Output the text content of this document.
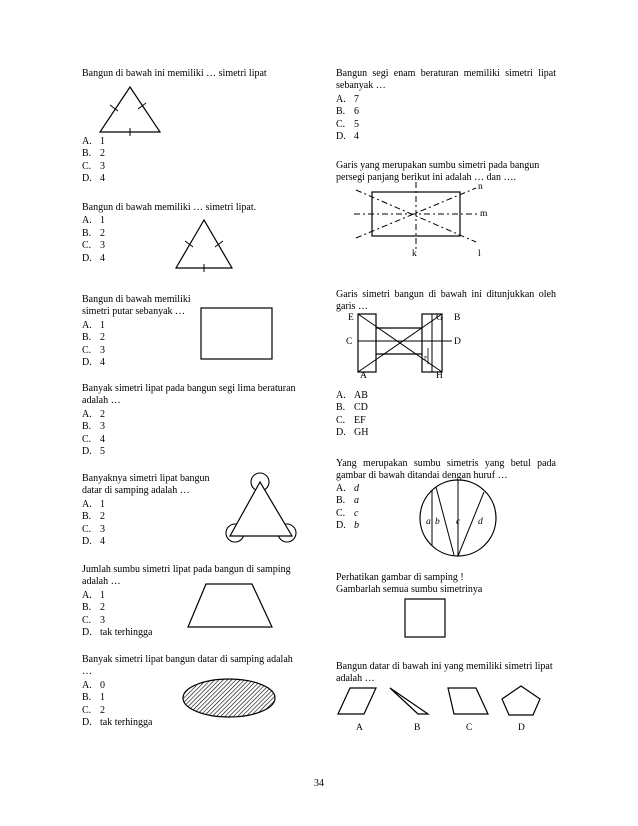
Bangun di bawah ini memiliki … simetri lipat
A. 1
B. 2
C. 3
D. 4
Bangun di bawah memiliki … simetri lipat.
A. 1
B. 2
C. 3
D. 4
Bangun di bawah memiliki
simetri putar sebanyak …
A. 1
B. 2
C. 3
D. 4
Banyak simetri lipat pada bangun segi lima beraturan
adalah …
A. 2
B. 3
C. 4
D. 5
Banyaknya simetri lipat bangun
datar di samping adalah …
A. 1
B. 2
C. 3
D. 4
Jumlah sumbu simetri lipat pada bangun di samping
adalah …
A. 1
B. 2
C. 3
D. tak terhingga
Banyak simetri lipat bangun datar di samping adalah
…
A. 0
B. 1
C. 2
D. tak terhingga
Bangun segi enam beraturan memiliki simetri lipat
sebanyak …
A. 7
B. 6
C. 5
D. 4
Garis yang merupakan sumbu simetri pada bangun
persegi panjang berikut ini adalah … dan ….
n
m
k	l
Garis simetri bangun di bawah ini ditunjukkan oleh
garis …
E	G B
C	D
A	H
F
A. AB
B. CD
C. EF
D. GH
Yang merupakan sumbu simetris yang betul pada
gambar di bawah ditandai dengan huruf …
A. d
B. a
C. c
D. b	a b c d
Perhatikan gambar di samping !
Gambarlah semua sumbu simetrinya
Bangun datar di bawah ini yang memiliki simetri lipat
adalah …
A	B	C	D
34
